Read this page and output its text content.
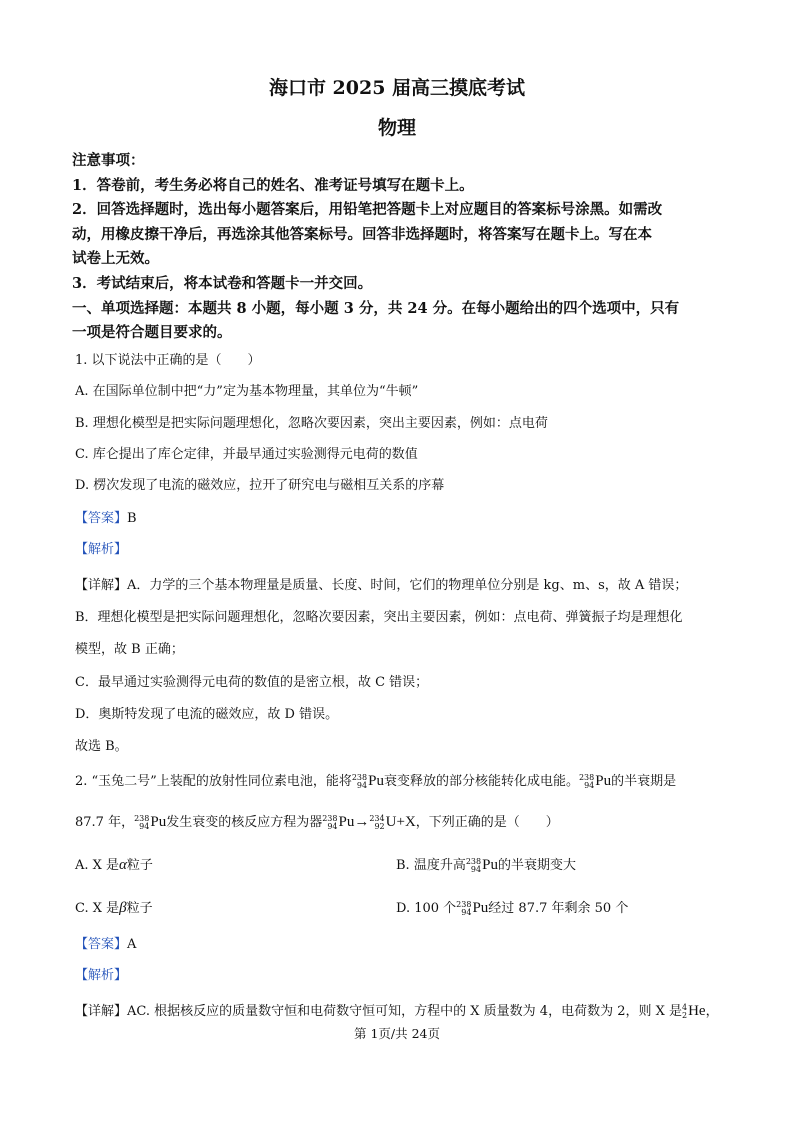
海口市 2025 届高三摸底考试
物理
注意事项：
1．答卷前，考生务必将自己的姓名、准考证号填写在题卡上。
2．回答选择题时，选出每小题答案后，用铅笔把答题卡上对应题目的答案标号涂黑。如需改
动，用橡皮擦干净后，再选涂其他答案标号。回答非选择题时，将答案写在题卡上。写在本
试卷上无效。
3．考试结束后，将本试卷和答题卡一并交回。
一、单项选择题：本题共 8 小题，每小题 3 分，共 24 分。在每小题给出的四个选项中，只有
一项是符合题目要求的。
1. 以下说法中正确的是（　　）
A. 在国际单位制中把“力”定为基本物理量，其单位为“牛顿”
B. 理想化模型是把实际问题理想化，忽略次要因素，突出主要因素，例如：点电荷
C. 库仑提出了库仑定律，并最早通过实验测得元电荷的数值
D. 楞次发现了电流的磁效应，拉开了研究电与磁相互关系的序幕
【答案】B
【解析】
【详解】A．力学的三个基本物理量是质量、长度、时间，它们的物理单位分别是 kg、m、s，故 A 错误；
B．理想化模型是把实际问题理想化，忽略次要因素，突出主要因素，例如：点电荷、弹簧振子均是理想化
模型，故 B 正确；
C．最早通过实验测得元电荷的数值的是密立根，故 C 错误；
D．奥斯特发现了电流的磁效应，故 D 错误。
故选 B。
2. “玉兔二号”上装配的放射性同位素电池，能将 238
94 Pu衰变释放的部分核能转化成电能。 238
94 Pu的半衰期是
87.7 年， 238
94 Pu发生衰变的核反应方程为器 238
94 Pu→ 234
92 U+X，下列正确的是（　　）
A. X 是α粒子	B. 温度升高 238
94 Pu的半衰期变大
C. X 是β粒子	D. 100 个 238
94 Pu经过 87.7 年剩余 50 个
【答案】A
【解析】
【详解】AC. 根据核反应的质量数守恒和电荷数守恒可知，方程中的 X 质量数为 4，电荷数为 2，则 X 是 4
2 He，
第 1页/共 24页
